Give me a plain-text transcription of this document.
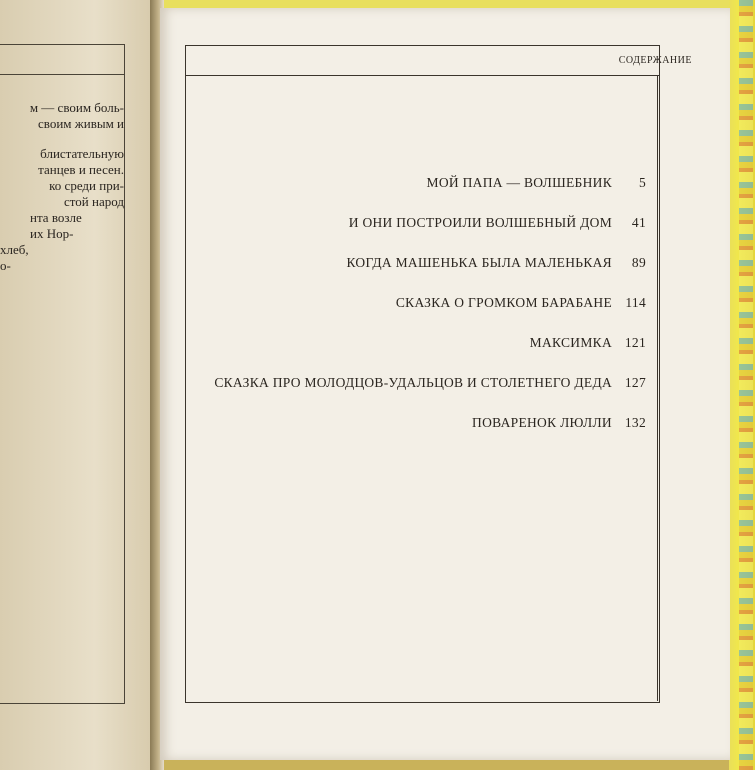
м — своим боль-
своим живым и
блистательную
танцев и песен.
ко среди при-
стой народ
нта возле
их Нор-
хлеб,
о-
СОДЕРЖАНИЕ
МОЙ ПАПА — ВОЛШЕБНИК	5
И ОНИ ПОСТРОИЛИ ВОЛШЕБНЫЙ ДОМ	41
КОГДА МАШЕНЬКА БЫЛА МАЛЕНЬКАЯ	89
СКАЗКА О ГРОМКОМ БАРАБАНЕ 114
МАКСИМКА 121
СКАЗКА ПРО МОЛОДЦОВ-УДАЛЬЦОВ И СТОЛЕТНЕГО ДЕДА 127
ПОВАРЕНОК ЛЮЛЛИ 132
